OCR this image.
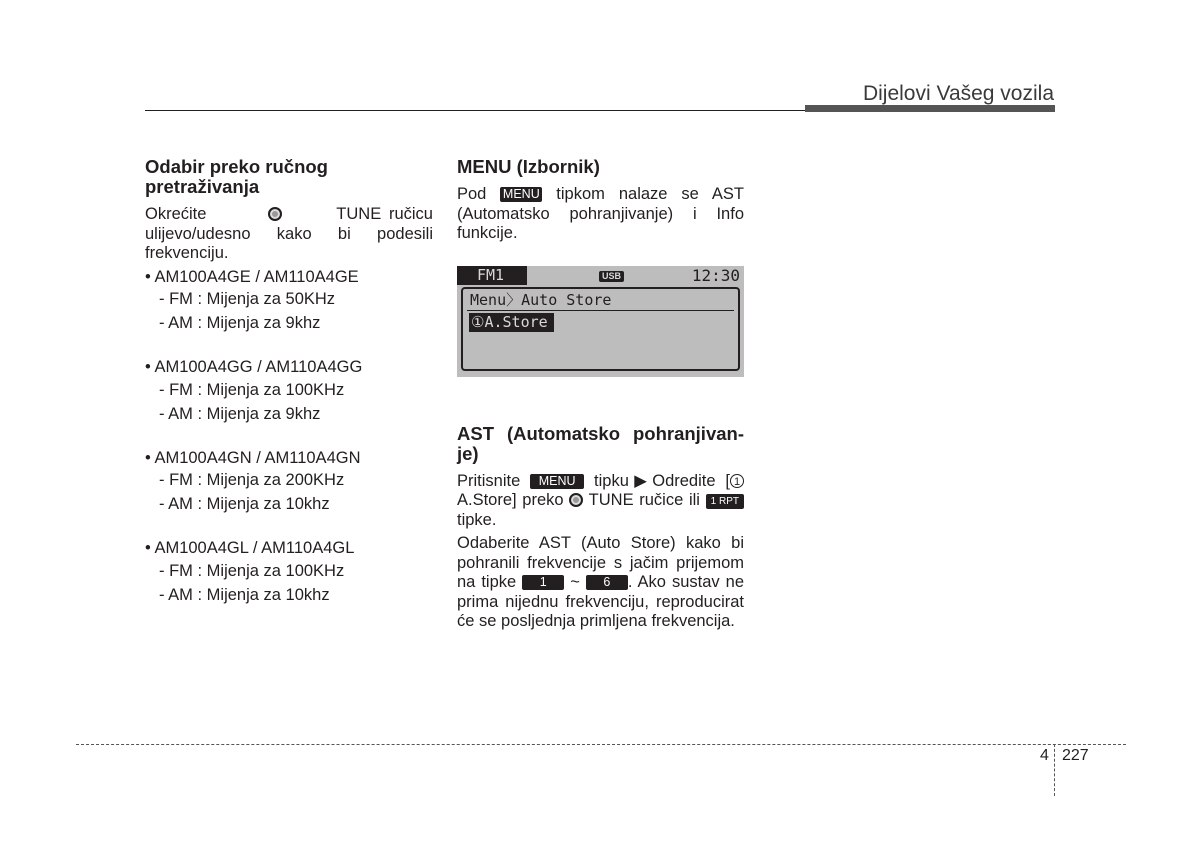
Dijelovi Vašeg vozila
Odabir preko ručnog pretraživanja

Okrećite	TUNE ručicu ulijevo/udesno kako bi podesili frekvenciju.

• AM100A4GE / AM110A4GE
- FM : Mijenja za 50KHz
- AM : Mijenja za 9khz
• AM100A4GG / AM110A4GG
- FM : Mijenja za 100KHz
- AM : Mijenja za 9khz
• AM100A4GN / AM110A4GN
- FM : Mijenja za 200KHz
- AM : Mijenja za 10khz
• AM100A4GL / AM110A4GL
- FM : Mijenja za 100KHz
- AM : Mijenja za 10khz
MENU (Izbornik)

Pod MENU tipkom nalaze se AST (Automatsko pohranjivanje) i Info funkcije.

FM1	USB	12:30
Menu〉Auto Store
①A.Store
AST (Automatsko pohranjivan-je)

Pritisnite MENU tipku▶Odredite [ 1 A.Store] preko  TUNE ručice ili 1 RPT tipke.

Odaberite AST (Auto Store) kako bi pohranili frekvencije s jačim prijemom na tipke 1 ~ 6 . Ako sustav ne prima nijednu frekvenciju, reproducirat će se posljednja primljena frekvencija.

4 227
